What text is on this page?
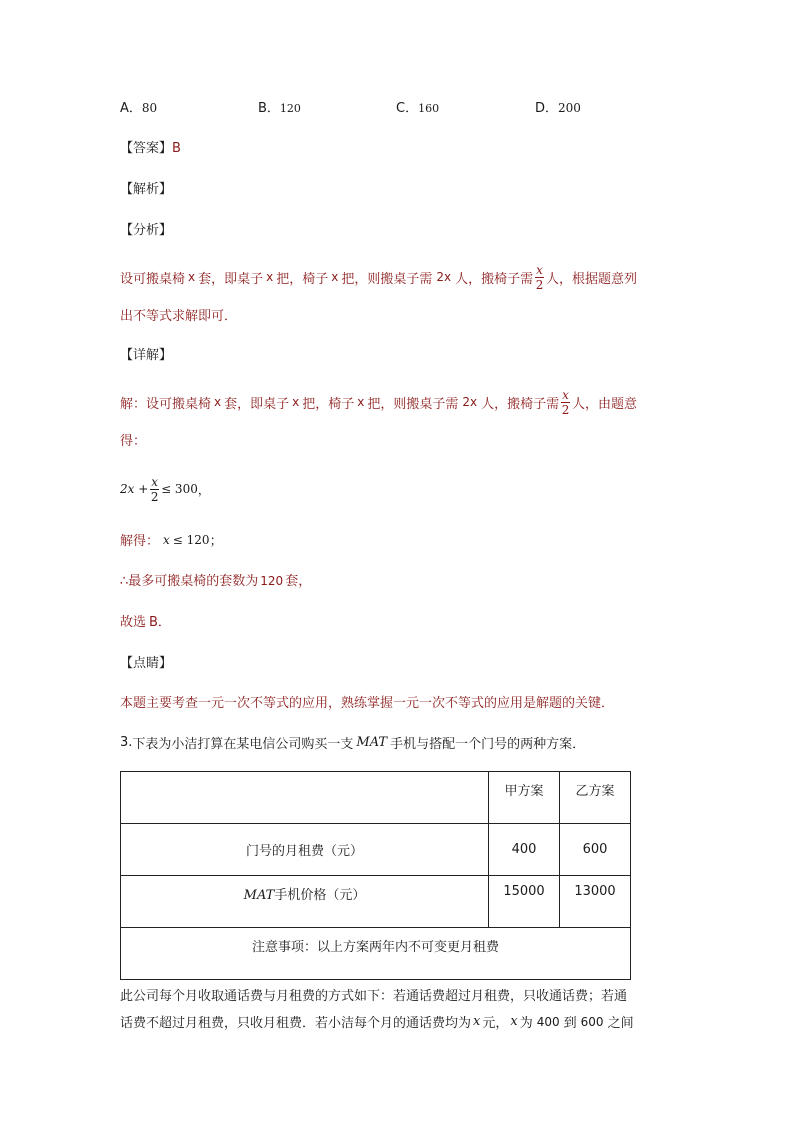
A．80	B．120	C．160	D．200
【答案】B
【解析】
【分析】
设可搬桌椅 x 套，即桌子 x 把，椅子 x 把，则搬桌子需 2x 人，搬椅子需 $\frac{x}{2}$ 人，根据题意列
出不等式求解即可．
【详解】
解：设可搬桌椅 x 套，即桌子 x 把，椅子 x 把，则搬桌子需 2x 人，搬椅子需 $\frac{x}{2}$ 人，由题意
得：
$2x + \frac{x}{2} \le 300$ ，
解得： x ≤ 120 ；
∴最多可搬桌椅的套数为 120 套，
故选 B．
【点睛】
本题主要考查一元一次不等式的应用，熟练掌握一元一次不等式的应用是解题的关键．
3. 下表为小洁打算在某电信公司购买一支 MAT 手机与搭配一个门号的两种方案．
	甲方案	乙方案
门号的月租费（元）	400	600
MAT手机价格（元）	15000	13000
注意事项：以上方案两年内不可变更月租费		
此公司每个月收取通话费与月租费的方式如下：若通话费超过月租费，只收通话费；若通
话费不超过月租费，只收月租费．若小洁每个月的通话费均为 x 元， x 为 400 到 600 之间
